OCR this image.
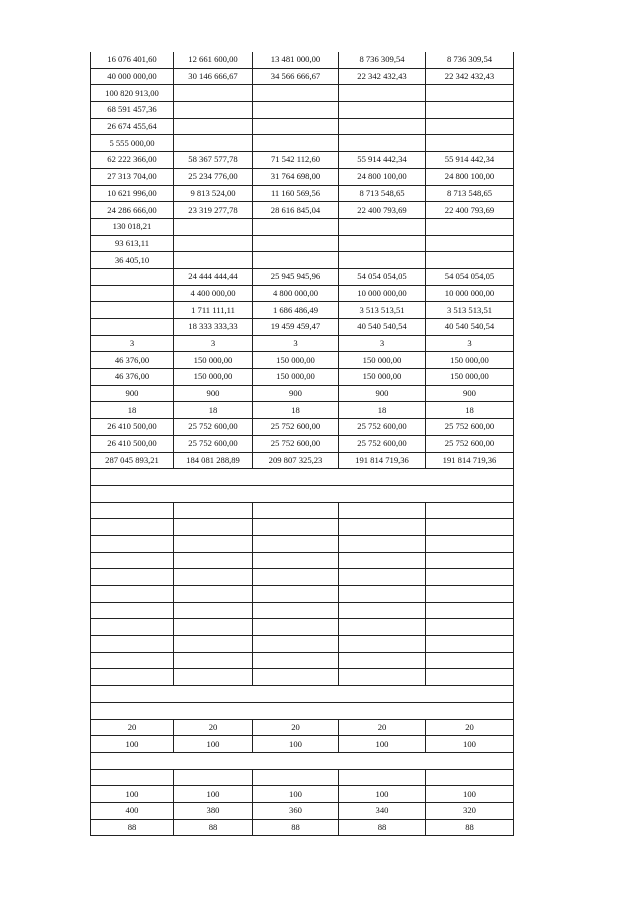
16 076 401,60	12 661 600,00	13 481 000,00	8 736 309,54	8 736 309,54
40 000 000,00	30 146 666,67	34 566 666,67	22 342 432,43	22 342 432,43
100 820 913,00				
68 591 457,36				
26 674 455,64				
5 555 000,00				
62 222 366,00	58 367 577,78	71 542 112,60	55 914 442,34	55 914 442,34
27 313 704,00	25 234 776,00	31 764 698,00	24 800 100,00	24 800 100,00
10 621 996,00	9 813 524,00	11 160 569,56	8 713 548,65	8 713 548,65
24 286 666,00	23 319 277,78	28 616 845,04	22 400 793,69	22 400 793,69
130 018,21				
93 613,11				
36 405,10				
	24 444 444,44	25 945 945,96	54 054 054,05	54 054 054,05
	4 400 000,00	4 800 000,00	10 000 000,00	10 000 000,00
	1 711 111,11	1 686 486,49	3 513 513,51	3 513 513,51
	18 333 333,33	19 459 459,47	40 540 540,54	40 540 540,54
3	3	3	3	3
46 376,00	150 000,00	150 000,00	150 000,00	150 000,00
46 376,00	150 000,00	150 000,00	150 000,00	150 000,00
900	900	900	900	900
18	18	18	18	18
26 410 500,00	25 752 600,00	25 752 600,00	25 752 600,00	25 752 600,00
26 410 500,00	25 752 600,00	25 752 600,00	25 752 600,00	25 752 600,00
287 045 893,21	184 081 288,89	209 807 325,23	191 814 719,36	191 814 719,36

20	20	20	20	20
100	100	100	100	100

100	100	100	100	100
400	380	360	340	320
88	88	88	88	88
